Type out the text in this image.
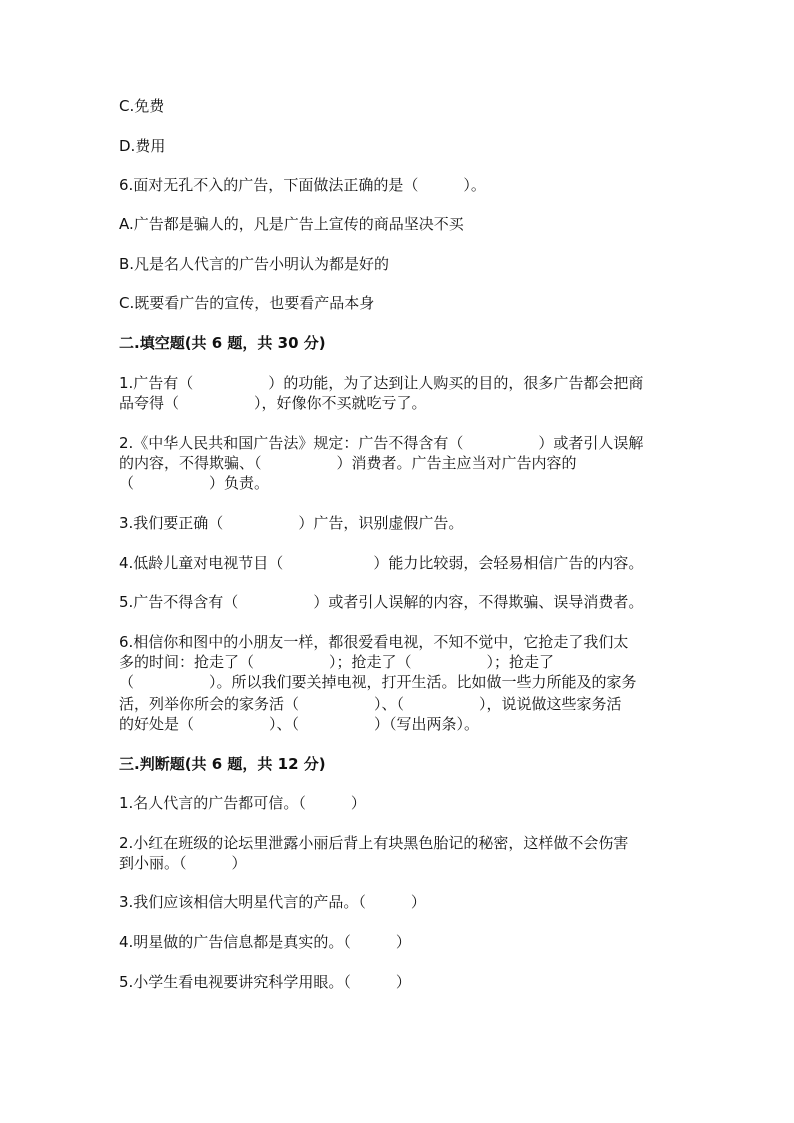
C.免费
D.费用
6.面对无孔不入的广告，下面做法正确的是（　　　）。
A.广告都是骗人的，凡是广告上宣传的商品坚决不买
B.凡是名人代言的广告小明认为都是好的
C.既要看广告的宣传，也要看产品本身
二.填空题(共 6 题，共 30 分)
1.广告有（　　　　　）的功能，为了达到让人购买的目的，很多广告都会把商
品夸得（　　　　　），好像你不买就吃亏了。
2.《中华人民共和国广告法》规定：广告不得含有（　　　　　）或者引人误解
的内容，不得欺骗、（　　　　　）消费者。广告主应当对广告内容的
（　　　　　）负责。
3.我们要正确（　　　　　）广告，识别虚假广告。
4.低龄儿童对电视节目（　　　　　　）能力比较弱，会轻易相信广告的内容。
5.广告不得含有（　　　　　）或者引人误解的内容，不得欺骗、误导消费者。
6.相信你和图中的小朋友一样，都很爱看电视，不知不觉中，它抢走了我们太
多的时间：抢走了（　　　　　）；抢走了（　　　　　）；抢走了
（　　　　　）。所以我们要关掉电视，打开生活。比如做一些力所能及的家务
活，列举你所会的家务活（　　　　　）、（　　　　　），说说做这些家务活
的好处是（　　　　　）、（　　　　　）（写出两条）。
三.判断题(共 6 题，共 12 分)
1.名人代言的广告都可信。（　　　）
2.小红在班级的论坛里泄露小丽后背上有块黑色胎记的秘密，这样做不会伤害
到小丽。（　　　）
3.我们应该相信大明星代言的产品。（　　　）
4.明星做的广告信息都是真实的。（　　　）
5.小学生看电视要讲究科学用眼。（　　　）
